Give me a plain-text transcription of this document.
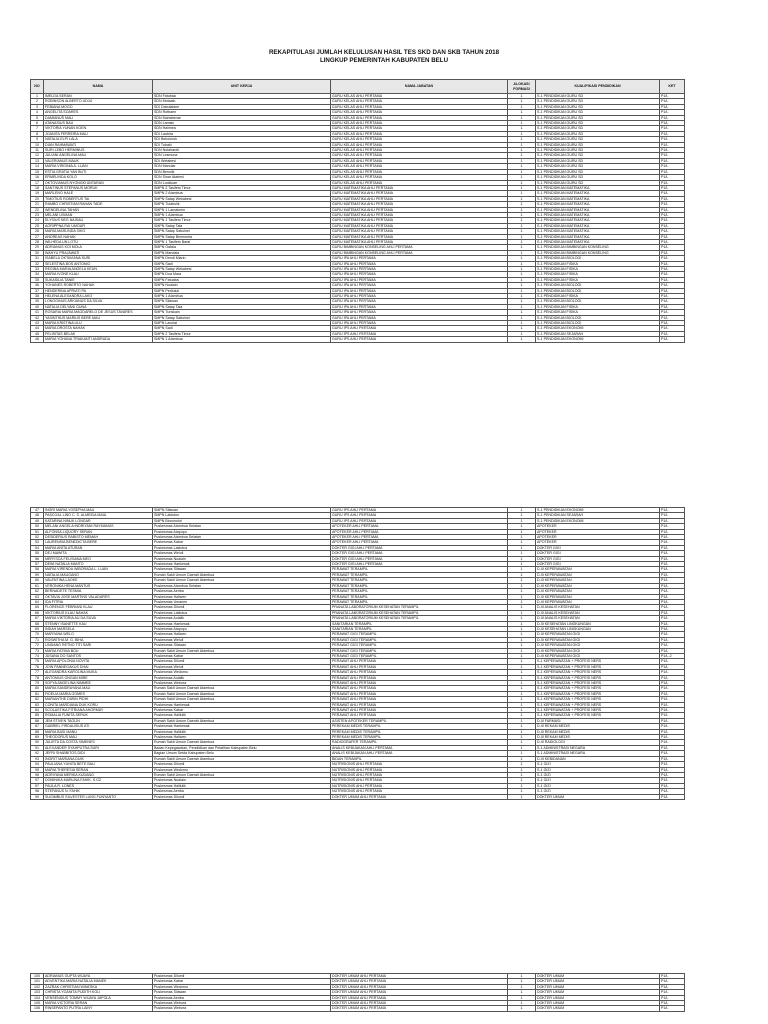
REKAPITULASI JUMLAH KELULUSAN HASIL TES SKD DAN SKB TAHUN 2018
LINGKUP PEMERINTAH KABUPATEN BELU
NO	NAMA	UNIT KERJA	NAMA JABATAN	ALOKASI FORMASI	KUALIFIKASI PENDIDIKAN	KET
1	IMELDA SERAN	SDN Fatubaa	GURU KELAS AHLI PERTAMA	1	S-1 PENDIDIKAN GURU SD	P1/L
2	ROBINSON ALBERTO UDJU	SDN Motaain	GURU KELAS AHLI PERTAMA	1	S-1 PENDIDIKAN GURU SD	P1/L
3	FEBIANA MOGO	SDI Dabulaiane	GURU KELAS AHLI PERTAMA	1	S-1 PENDIDIKAN GURU SD	P1/L
4	ANGELITA SOARES	SDN Rotbaen	GURU KELAS AHLI PERTAMA	1	S-1 PENDIDIKAN GURU SD	P1/L
5	DAMIANUS MAU	SDN Mahabenar	GURU KELAS AHLI PERTAMA	1	S-1 PENDIDIKAN GURU SD	P1/L
6	ATANASIUS BAU	SDN Lamsin	GURU KELAS AHLI PERTAMA	1	S-1 PENDIDIKAN GURU SD	P1/L
7	VIKTORIA YUNAN KOEN	SDN Halimea	GURU KELAS AHLI PERTAMA	1	S-1 PENDIDIKAN GURU SD	P1/L
8	JOANITA FERREIRA MAU	SDI Laobira	GURU KELAS AHLI PERTAMA	1	S-1 PENDIDIKAN GURU SD	P1/L
9	NATALIA ELPI LALA	SDI Bekoluruk	GURU KELAS AHLI PERTAMA	1	S-1 PENDIDIKAN GURU SD	P1/L
10	DIAN RAHMAWATI	SDI Tubaki	GURU KELAS AHLI PERTAMA	1	S-1 PENDIDIKAN GURU SD	P1/L
11	SURI LEBO HERMINUS	SDN Notaharek	GURU KELAS AHLI PERTAMA	1	S-1 PENDIDIKAN GURU SD	P1/L
12	JULIANI ANGELINA MAU	SDN Lesmuna	GURU KELAS AHLI PERTAMA	1	S-1 PENDIDIKAN GURU SD	P1/L
13	VALERIANUS MAUK	SDI Wetabesi	GURU KELAS AHLI PERTAMA	1	S-1 PENDIDIKAN GURU SD	P1/L
14	MARIA VIRGINIA A. LUAN	SDN Manular	GURU KELAS AHLI PERTAMA	1	S-1 PENDIDIKAN GURU SD	P1/L
15	ESTIA GRATIA YAN BUTI	SDN Benulik	GURU KELAS AHLI PERTAMA	1	S-1 PENDIDIKAN GURU SD	P1/L
16	ERMELINDA KOLO	SDN Sinar Atabesi	GURU KELAS AHLI PERTAMA	1	S-1 PENDIDIKAN GURU SD	P1/L
17	OKTOVIANUS NYONGKI ANTARAN	SDN Lookluan	GURU KELAS AHLI PERTAMA	1	S-1 PENDIDIKAN GURU SD	P1/L
18	SANTINUS STEFANUS MORUK	SMPN 2 Tasifeto Timur	GURU MATEMATIKA AHLI PERTAMA	1	S-1 PENDIDIKAN MATEMATIKA	P1/L
19	MARLENO HALE	SMPN 2 Atambua	GURU MATEMATIKA AHLI PERTAMA	1	S-1 PENDIDIKAN MATEMATIKA	P1/L
20	TIMOTIUS ROBERTUS TAI	SMPN Satap Wekabesi	GURU MATEMATIKA AHLI PERTAMA	1	S-1 PENDIDIKAN MATEMATIKA	P1/L
21	RAMBO CHRISTIAN RAHAN TADE	SMPN Tulabulik	GURU MATEMATIKA AHLI PERTAMA	1	S-1 PENDIDIKAN MATEMATIKA	P1/L
22	WENDELINA TAHAN	SMPN 1 Lamaknen	GURU MATEMATIKA AHLI PERTAMA	1	S-1 PENDIDIKAN MATEMATIKA	P1/L
23	MELANI USMAN	SMPN 1 Atambua	GURU MATEMATIKA AHLI PERTAMA	1	S-1 PENDIDIKAN MATEMATIKA	P1/L
24	ELYSIUS NEG NAISAU	SMPN 1 Tasifeto Timur	GURU MATEMATIKA AHLI PERTAMA	1	S-1 PENDIDIKAN MATEMATIKA	P1/L
25	AGRIPPNA RAI UMOUR	SMPN Satap Tala	GURU MATEMATIKA AHLI PERTAMA	1	S-1 PENDIDIKAN MATEMATIKA	P1/L
26	MARIA MARLINDA SIKO	SMPN Satap Sabulnei	GURU MATEMATIKA AHLI PERTAMA	1	S-1 PENDIDIKAN MATEMATIKA	P1/L
27	ANDREAS NAHAK	SMPN Satap Benemeta	GURU MATEMATIKA AHLI PERTAMA	1	S-1 PENDIDIKAN MATEMATIKA	P1/L
28	WILHEDA UN LOTU	SMPN 1 Tasifeto Barat	GURU MATEMATIKA AHLI PERTAMA	1	S-1 PENDIDIKAN MATEMATIKA	P1/L
29	ADRIANUS KOI MOLA	SMPN Oafala	GURU BIMBINGAN KONSELING AHLI PERTAMA	1	S-1 PENDIDIKAN BIMBINGAN KONSELING	P1/L
30	WAHYU PRAJAWATI	SMPN Mandala	GURU BIMBINGAN KONSELING AHLI PERTAMA	1	S-1 PENDIDIKAN BIMBINGAN KONSELING	P1/L
31	ISABELA OKTAVIANA SURI	SMPN Dendi Miarin	GURU IPA AHLI PERTAMA	1	S-1 PENDIDIKAN BIOLOGI	P1/L
32	SELESTINA BOS ANTONIO	SMPN Sadi	GURU IPA AHLI PERTAMA	1	S-1 PENDIDIKAN FISIKA	P1/L
33	REGINA MARIA ANGELA KEUN	SMPN Satap Wekabesi	GURU IPA AHLI PERTAMA	1	S-1 PENDIDIKAN FISIKA	P1/L
34	MARIA IVONE KLAU	SMPN Dua Mara	GURU IPA AHLI PERTAMA	1	S-1 PENDIDIKAN FISIKA	P1/L
35	SUKASILIA TANIE	SMPN Fatuaba	GURU IPA AHLI PERTAMA	1	S-1 PENDIDIKAN FISIKA	P1/L
36	YOHANES ROBERTO NAHAK	SMPN Nualain	GURU IPA AHLI PERTAMA	1	S-1 PENDIDIKAN BIOLOGI	P1/L
37	HENDERINA APRIATI PA	SMPN Pediuluk	GURU IPA AHLI PERTAMA	1	S-1 PENDIDIKAN BIOLOGI	P1/L
38	HELENA ALEXANDRA LAKO	SMPN 1 Atambua	GURU IPA AHLI PERTAMA	1	S-1 PENDIDIKAN FISIKA	P1/L
39	LONGGINUS ARKIANUS DA SILVA	SMPN Silawan	GURU IPA AHLI PERTAMA	1	S-1 PENDIDIKAN BIOLOGI	P1/L
40	NATALIA DELYANI GUNA	SMPN Satap Tala	GURU IPA AHLI PERTAMA	1	S-1 PENDIDIKAN FISIKA	P1/L
41	ROSARIA MARIA MAGDARELO DE JESUS TAVARES	SMPN Turiskain	GURU IPA AHLI PERTAMA	1	S-1 PENDIDIKAN FISIKA	P1/L
42	YASINTHUS MARIUS BERE MAU	SMPN Satap Sabulnei	GURU IPA AHLI PERTAMA	1	S-1 PENDIDIKAN BIOLOGI	P1/L
43	MARIA KRISTINA ULU	SMPN Lacolat	GURU IPA AHLI PERTAMA	1	S-1 PENDIDIKAN BIOLOGI	P1/L
44	MARIA DROSTA NAHAK	SMPN Sadi	GURU IPS AHLI PERTAMA	1	S-1 PENDIDIKAN EKONOMI	P1/L
45	FELISITAS BELAK	SMPN 2 Tasifeto Timur	GURU IPS AHLI PERTAMA	1	S-1 PENDIDIKAN SEJARAH	P1/L
46	MARIA YOHANA TRIAKANTI ANDRADA	SMPN 1 Atambua	GURU IPS AHLI PERTAMA	1	S-1 PENDIDIKAN EKONOMI	P1/L
47	INGRI MARIA YOSEPHA MAU	SMPN Silawan	GURU IPS AHLI PERTAMA	1	S-1 PENDIDIKAN EKONOMI	P1/L
48	PASCOAL LINO C. S. ALMEIDA MAIA	SMPN Laktutus	GURU IPS AHLI PERTAMA	1	S-1 PENDIDIKAN SEJARAH	P1/L
49	KATARINA NINUK LONGAR	SMPN Biroonolot	GURU IPS AHLI PERTAMA	1	S-1 PENDIDIKAN EKONOMI	P1/L
50	MELANI ANGELA INDRIYANI RAYMANUS	Puskesmas Atambua Selatan	APOTEKER AHLI PERTAMA	1	APOTEKER	P1/L
51	ALFONSA LIQUORY SERAN	Puskesmas Atapupu	APOTEKER AHLI PERTAMA	1	APOTEKER	P1/L
52	DESIDERIUS RABISTO MEMAH	Puskesmas Atambua Selatan	APOTEKER AHLI PERTAMA	1	APOTEKER	P1/L
53	LAURENSIA BENEDICTA BERE	Puskesmas Kabar	APOTEKER AHLI PERTAMA	1	APOTEKER	P1/L
54	MARIA ANITA ATURAN	Puskesmas Laktutus	DOKTER GIGI AHLI PERTAMA	1	DOKTER GIGI	P1/L
55	DEJ MAWITA	Puskesmas Weluli	DOKTER GIGI AHLI PERTAMA	1	DOKTER GIGI	P1/L
56	MERYSCA FELISIANA MEO	Puskesmas Nualain	DOKTER GIGI AHLI PERTAMA	1	DOKTER GIGI	P1/L
57	DEWI NATALIA MANTO	Puskesmas Haekesak	DOKTER GIGI AHLI PERTAMA	1	DOKTER GIGI	P1/L
58	MARIA VIRENDA WIBORADA L. LUAN	Puskesmas Silawan	PERAWAT TERAMPIL	1	D-III KEPERAWATAN	P1/L
59	NATALIA MAUGANO	Rumah Sakit Umum Daerah Atambua	PERAWAT TERAMPIL	1	D-III KEPERAWATAN	P1/L
60	VALENTINA LAOKE	Rumah Sakit Umum Daerah Atambua	PERAWAT TERAMPIL	1	D-III KEPERAWATAN	P1/L
61	VERONIKA HENA MANTUS	Puskesmas Atambua Selatan	PERAWAT TERAMPIL	1	D-III KEPERAWATAN	P1/L
62	BERNADETE TESMIA	Puskesmas Aeriba	PERAWAT TERAMPIL	1	D-III KEPERAWATAN	P1/L
63	OKTAVIA JOSE MARTINS VALADARES	Puskesmas Haliwen	PERAWAT TERAMPIL	1	D-III KEPERAWATAN	P1/L
64	IDA FITRIA	Puskesmas Umanen	PERAWAT TERAMPIL	1	D-III KEPERAWATAN	P1/L
65	FLORENCE FEBRIANI KLAU	Puskesmas Dilumil	PRANATA LABORATORIUM KESEHATAN TERAMPIL	1	D-III ANALIS KESEHATAN	P1/L
66	VIKTORIUS KLAU NAHAK	Puskesmas Laktutus	PRANATA LABORATORIUM KESEHATAN TERAMPIL	1	D-III ANALIS KESEHATAN	P1/L
67	MARIA VIKTORIA AU DA SILVA	Puskesmas Aulalik	PRANATA LABORATORIUM KESEHATAN TERAMPIL	1	D-III ANALIS KESEHATAN	P1/L
68	STENNY ISANETTE KAU	Puskesmas Haekesak	SANITARIAN TERAMPIL	1	D-III KESEHATAN LINGKUNGAN	P1/L
69	INDAH MARSELA	Puskesmas Atapupu	SANITARIAN TERAMPIL	1	D-III KESEHATAN LINGKUNGAN	P1/L
70	MARYANA WELO	Puskesmas Haliwen	PERAWAT GIGI TERAMPIL	1	D-III KEPERAWATAN GIGI	P1/L
71	ROSWITHA M. G. BIHA	Puskesmas Weluli	PERAWAT GIGI TERAMPIL	1	D-III KEPERAWATAN GIGI	P1/L
72	LINDANG RETNO TITI SARI	Puskesmas Silawan	PERAWAT GIGI TERAMPIL	1	D-III KEPERAWATAN GIGI	P1/L
73	MARIA FATIMA BOU	Rumah Sakit Umum Daerah Atambua	PERAWAT GIGI TERAMPIL	1	D-III KEPERAWATAN GIGI	P1/L
74	JUSANA DO SANTOS	Puskesmas Kabar	PERAWAT GIGI TERAMPIL	1	D-III KEPERAWATAN GIGI	P1/L-2
75	MARIA APOLONIA NOVITA	Puskesmas Dilumil	PERAWAT AHLI PERTAMA	1	S-1 KEPERAWATAN + PROFESI NERS	P1/L
76	JOIN PANNEGAKUS DHAI	Puskesmas Weluli	PERAWAT AHLI PERTAMA	1	S-1 KEPERAWATAN + PROFESI NERS	P1/L
77	ALEXANDRA KAROLINA MUKA	Puskesmas Wedomu	PERAWAT AHLI PERTAMA	1	S-1 KEPERAWATAN + PROFESI NERS	P1/L
78	ANTONIUS ONGAN MIRE	Puskesmas Aulalik	PERAWAT AHLI PERTAMA	1	S-1 KEPERAWATAN + PROFESI NERS	P1/L
79	SOFYA ANGELINA NIMMEE	Puskesmas Webora	PERAWAT AHLI PERTAMA	1	S-1 KEPERAWATAN + PROFESI NERS	P1/L
80	MARIA SANDRAYANA MAU	Rumah Sakit Umum Daerah Atambua	PERAWAT AHLI PERTAMA	1	S-1 KEPERAWATAN + PROFESI NERS	P1/L
81	FIDELIA MARIA GOMES	Rumah Sakit Umum Daerah Atambua	PERAWAT AHLI PERTAMA	1	S-1 KEPERAWATAN + PROFESI NERS	P1/L
82	MARIANTHE DIWIN PIDHI	Rumah Sakit Umum Daerah Atambua	PERAWAT AHLI PERTAMA	1	S-1 KEPERAWATAN + PROFESI NERS	P1/L
83	CONITA MARDIANA DUK KORU	Puskesmas Haekesak	PERAWAT AHLI PERTAMA	1	S-1 KEPERAWATAN + PROFESI NERS	P1/L
84	SCOLASTIKA FITRIANA AHORMAY	Puskesmas Kabar	PERAWAT AHLI PERTAMA	1	S-1 KEPERAWATAN + PROFESI NERS	P1/L
85	ROMALIA FUNITA SERUK	Puskesmas Halilulik	PERAWAT AHLI PERTAMA	1	S-1 KEPERAWATAN + PROFESI NERS	P1/L
86	JEM STIVEN TAOLIN	Rumah Sakit Umum Daerah Atambua	ASISTEN APOTEKER TERAMPIL	1	D-III FARMASI	P1/L
87	GABRIEL FIRDAUSIUS ATI	Puskesmas Haekesak	PEREKAM MEDIS TERAMPIL	1	D-III REKAM MEDIS	P1/L
88	MARIA BASI MANU	Puskesmas Halilulik	PEREKAM MEDIS TERAMPIL	1	D-III REKAM MEDIS	P1/L
89	THEODORUS MAU	Puskesmas Haliwen	PEREKAM MEDIS TERAMPIL	1	D-III REKAM MEDIS	P1/L
90	JULIETA DA COSTA XIMENES	Rumah Sakit Umum Daerah Atambua	RADIOGRAFER TERAMPIL	1	D-III RADIOLOGI	P1/L
91	ALEXANDER SYAHPUTRA SURI	Badan Kepegawaian, Pendidikan dan Pelatihan Kabupaten Belu	ANALIS KEBIJAKAN AHLI PERTAMA	1	S-1 ADMINISTRASI NEGARA	P1/L
92	JEFRI SHABBITOS DIDI	Bagian Umum Setda Kabupaten Belu	ANALIS KEBIJAKAN AHLI PERTAMA	1	S-1 ADMINISTRASI NEGARA	P1/L
93	INGRIT MARIANA DUIK	Rumah Sakit Umum Daerah Atambua	BIDAN TERAMPIL	1	D-III KEBIDANAN	P1/L
94	PAULIANA YUNITA BETE BAU	Puskesmas Dilumil	NUTRISIONIS AHLI PERTAMA	1	S-1 GIZI	P1/L
95	MARIA THERESIA SERAN	Puskesmas Wedomu	NUTRISIONIS AHLI PERTAMA	1	S-1 GIZI	P1/L
96	ADRIYANA MERIKA KUDANG	Rumah Sakit Umum Daerah Atambua	NUTRISIONIS AHLI PERTAMA	1	S-1 GIZI	P1/L
97	DOMINIKA MARLINA FAHIK. S.GZ	Puskesmas Nualain	NUTRISIONIS AHLI PERTAMA	1	S-1 GIZI	P1/L
97	PAULA R. LONES	Puskesmas Halilulik	NUTRISIONIS AHLI PERTAMA	1	S-1 GIZI	P1/L
98	STEFANUS N. FAHIK	Puskesmas Aeriba	NUTRISIONIS AHLI PERTAMA	1	S-1 GIZI	P1/L
99	SUGIMBUS SILVESTER LUNG FUNYANTO	Puskesmas Dilumil	DOKTER UMUM AHLI PERTAMA	1	DOKTER UMUM	P1/L
100	ADRIANUS GUPTA WIJAYA	Puskesmas Dilumil	DOKTER UMUM AHLI PERTAMA	1	DOKTER UMUM	P1/L
101	ADVENTIKA MARIA NATALIA MANEK	Puskesmas Kabar	DOKTER UMUM AHLI PERTAMA	1	DOKTER UMUM	P1/L
102	ZAZRAK CHRISTIAN WINESKA	Puskesmas Wedomu	DOKTER UMUM AHLI PERTAMA	1	DOKTER UMUM	P1/L
103	CHRISTA YOANITA PUDITH KOLI	Puskesmas Silawan	DOKTER UMUM AHLI PERTAMA	1	DOKTER UMUM	P1/L
104	VENSENSIUS TOMMY WIJAYA JAPOLA	Puskesmas Aeriba	DOKTER UMUM AHLI PERTAMA	1	DOKTER UMUM	P1/L
105	MARIA VICTORIA SERAN	Puskesmas Webora	DOKTER UMUM AHLI PERTAMA	1	DOKTER UMUM	P1/L
106	RINSEPANTO PUTRA LAINY	Puskesmas Webora	DOKTER UMUM AHLI PERTAMA	1	DOKTER UMUM	P1/L
